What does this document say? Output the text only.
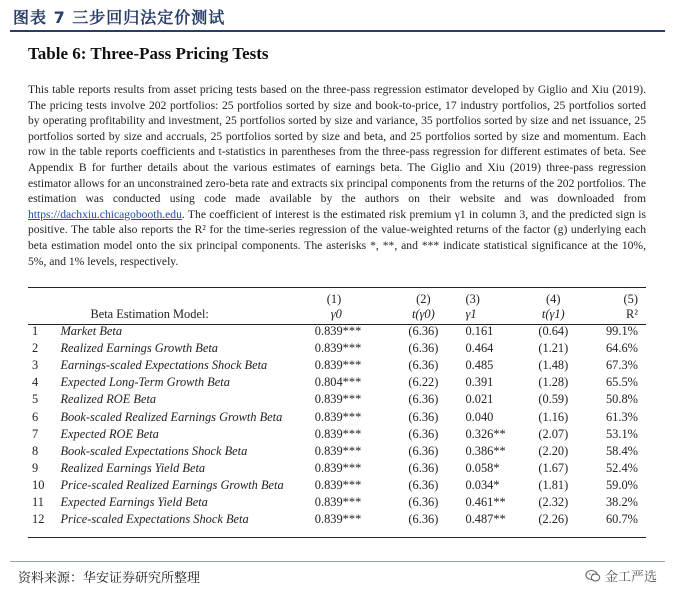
图表 7 三步回归法定价测试
Table 6: Three-Pass Pricing Tests
This table reports results from asset pricing tests based on the three-pass regression estimator developed by Giglio and Xiu (2019). The pricing tests involve 202 portfolios: 25 portfolios sorted by size and book-to-price, 17 industry portfolios, 25 portfolios sorted by operating profitability and investment, 25 portfolios sorted by size and variance, 35 portfolios sorted by size and net issuance, 25 portfolios sorted by size and accruals, 25 portfolios sorted by size and beta, and 25 portfolios sorted by size and momentum. Each row in the table reports coefficients and t-statistics in parentheses from the three-pass regression for different estimates of beta. See Appendix B for further details about the various estimates of earnings beta. The Giglio and Xiu (2019) three-pass regression estimator allows for an unconstrained zero-beta rate and extracts six principal components from the returns of the 202 portfolios. The estimation was conducted using code made available by the authors on their website and was downloaded from https://dachxiu.chicagobooth.edu. The coefficient of interest is the estimated risk premium γ1 in column 3, and the predicted sign is positive. The table also reports the R² for the time-series regression of the value-weighted returns of the factor (g) underlying each beta estimation model onto the six principal components. The asterisks *, **, and *** indicate statistical significance at the 10%, 5%, and 1% levels, respectively.
		(1)	(2)	(3)	(4)	(5)
	Beta Estimation Model:	γ0	t(γ0)	γ1	t(γ1)	R²
1	Market Beta	0.839***	(6.36)	0.161	(0.64)	99.1%
2	Realized Earnings Growth Beta	0.839***	(6.36)	0.464	(1.21)	64.6%
3	Earnings-scaled Expectations Shock Beta	0.839***	(6.36)	0.485	(1.48)	67.3%
4	Expected Long-Term Growth Beta	0.804***	(6.22)	0.391	(1.28)	65.5%
5	Realized ROE Beta	0.839***	(6.36)	0.021	(0.59)	50.8%
6	Book-scaled Realized Earnings Growth Beta	0.839***	(6.36)	0.040	(1.16)	61.3%
7	Expected ROE Beta	0.839***	(6.36)	0.326**	(2.07)	53.1%
8	Book-scaled Expectations Shock Beta	0.839***	(6.36)	0.386**	(2.20)	58.4%
9	Realized Earnings Yield Beta	0.839***	(6.36)	0.058*	(1.67)	52.4%
10	Price-scaled Realized Earnings Growth Beta	0.839***	(6.36)	0.034*	(1.81)	59.0%
11	Expected Earnings Yield Beta	0.839***	(6.36)	0.461**	(2.32)	38.2%
12	Price-scaled Expectations Shock Beta	0.839***	(6.36)	0.487**	(2.26)	60.7%
资料来源：华安证券研究所整理	金工严选
